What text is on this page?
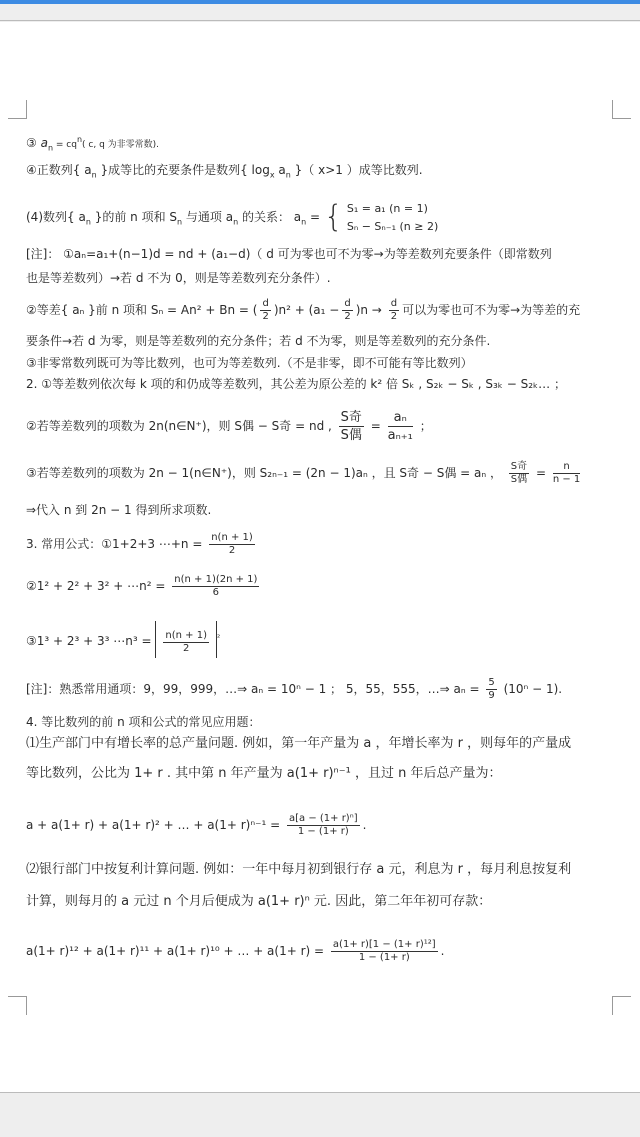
③ $a_n = cq^n$( c, q 为非零常数).
④正数列{ $a_n$ }成等比的充要条件是数列{ $\log_x a_n$ }（ x>1 ）成等比数列.
(4)数列{ $a_n$ }的前 n 项和 $S_n$ 与通项 $a_n$ 的关系： $a_n$ = { S₁ = a₁ (n = 1)
Sₙ − Sₙ₋₁ (n ≥ 2)
[注]： ①aₙ=a₁+(n−1)d = nd + (a₁−d)（ d 可为零也可不为零→为等差数列充要条件（即常数列
也是等差数列）→若 d 不为 0，则是等差数列充分条件）.
②等差{ aₙ }前 n 项和 Sₙ = An² + Bn = ( $\frac{d}{2} )n^2 + (a_1 - \frac{d}{2} )n \to \frac{d}{2}$ 可以为零也可不为零→为等差的充
要条件→若 d 为零，则是等差数列的充分条件；若 d 不为零，则是等差数列的充分条件.
③非零常数列既可为等比数列，也可为等差数列.（不是非零，即不可能有等比数列）
2. ①等差数列依次每 k 项的和仍成等差数列，其公差为原公差的 k² 倍 Sₖ , S₂ₖ − Sₖ , S₃ₖ − S₂ₖ… ；
②若等差数列的项数为 2n(n∈N⁺)，则 S偶 − S奇 = nd , $\frac{\text{S奇}}{\text{S偶}} = \frac{\text{aₙ}}{\text{aₙ₊₁}}$ ；
③若等差数列的项数为 2n − 1(n∈N⁺)，则 S₂ₙ₋₁ = (2n − 1)aₙ ，且 S奇 − S偶 = aₙ ， $\frac{\text{S奇}}{\text{S偶}} = \frac{n}{n - 1}$
⇒代入 n 到 2n − 1 得到所求项数.
3. 常用公式：①1+2+3 ⋯+n = $\frac{n(n + 1)}{2}$
②1² + 2² + 3² + ⋯n² = $\frac{n(n + 1)(2n + 1)}{6}$
③1³ + 2³ + 3³ ⋯n³ = $\frac{n(n + 1)}{2} ^{^2}$
[注]：熟悉常用通项：9，99，999，…⇒ aₙ = 10ⁿ − 1 ； 5，55，555，…⇒ $a_n = \frac{5}{9} (10^n - 1)$.
4. 等比数列的前 n 项和公式的常见应用题：
⑴生产部门中有增长率的总产量问题. 例如，第一年产量为 a ，年增长率为 r ，则每年的产量成
等比数列，公比为 1+ r . 其中第 n 年产量为 a(1+ r)ⁿ⁻¹ ，且过 n 年后总产量为：
a + a(1+ r) + a(1+ r)² + … + $a(1+ r)^{n-1} = \frac{\text{a[a − (1+ r)ⁿ]}}{1 - (1+ r)}$ .
⑵银行部门中按复利计算问题. 例如：一年中每月初到银行存 a 元，利息为 r ，每月利息按复利
计算，则每月的 a 元过 n 个月后便成为 a(1+ r)ⁿ 元. 因此，第二年年初可存款：
a(1+ r)¹² + a(1+ r)¹¹ + a(1+ r)¹⁰ + … + $a(1+ r) = \frac{\text{a(1+ r)[1 − (1+ r)¹²]}}{1 - (1+ r)}$ .
